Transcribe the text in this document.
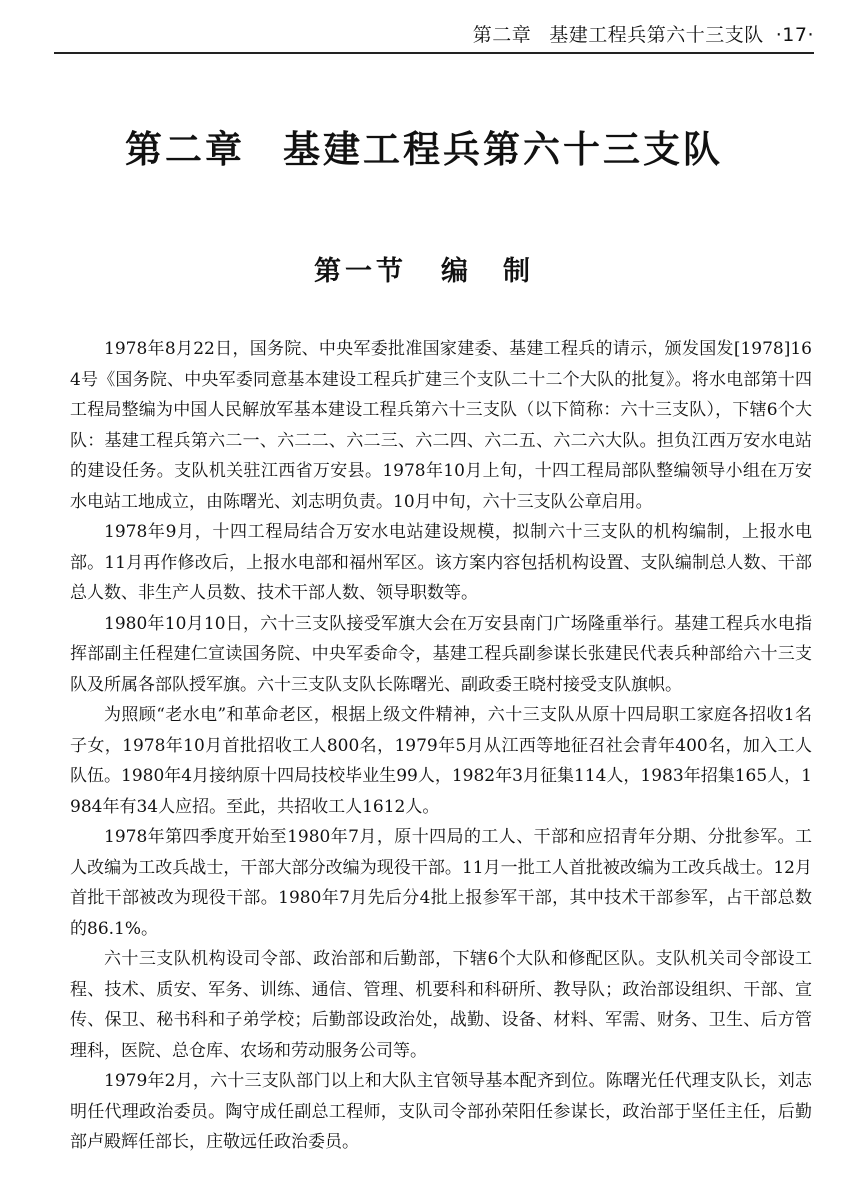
第二章 基建工程兵第六十三支队 ·17·
第二章 基建工程兵第六十三支队
第一节 编　制

1978年8月22日，国务院、中央军委批准国家建委、基建工程兵的请示，颁发国发[1978]164号《国务院、中央军委同意基本建设工程兵扩建三个支队二十二个大队的批复》。将水电部第十四工程局整编为中国人民解放军基本建设工程兵第六十三支队（以下简称：六十三支队），下辖6个大队：基建工程兵第六二一、六二二、六二三、六二四、六二五、六二六大队。担负江西万安水电站的建设任务。支队机关驻江西省万安县。1978年10月上旬，十四工程局部队整编领导小组在万安水电站工地成立，由陈曙光、刘志明负责。10月中旬，六十三支队公章启用。

1978年9月，十四工程局结合万安水电站建设规模，拟制六十三支队的机构编制，上报水电部。11月再作修改后，上报水电部和福州军区。该方案内容包括机构设置、支队编制总人数、干部总人数、非生产人员数、技术干部人数、领导职数等。

1980年10月10日，六十三支队接受军旗大会在万安县南门广场隆重举行。基建工程兵水电指挥部副主任程建仁宣读国务院、中央军委命令，基建工程兵副参谋长张建民代表兵种部给六十三支队及所属各部队授军旗。六十三支队支队长陈曙光、副政委王晓村接受支队旗帜。

为照顾“老水电”和革命老区，根据上级文件精神，六十三支队从原十四局职工家庭各招收1名子女，1978年10月首批招收工人800名，1979年5月从江西等地征召社会青年400名，加入工人队伍。1980年4月接纳原十四局技校毕业生99人，1982年3月征集114人，1983年招集165人，1984年有34人应招。至此，共招收工人1612人。

1978年第四季度开始至1980年7月，原十四局的工人、干部和应招青年分期、分批参军。工人改编为工改兵战士，干部大部分改编为现役干部。11月一批工人首批被改编为工改兵战士。12月首批干部被改为现役干部。1980年7月先后分4批上报参军干部，其中技术干部参军，占干部总数的86.1%。

六十三支队机构设司令部、政治部和后勤部，下辖6个大队和修配区队。支队机关司令部设工程、技术、质安、军务、训练、通信、管理、机要科和科研所、教导队；政治部设组织、干部、宣传、保卫、秘书科和子弟学校；后勤部设政治处，战勤、设备、材料、军需、财务、卫生、后方管理科，医院、总仓库、农场和劳动服务公司等。

1979年2月，六十三支队部门以上和大队主官领导基本配齐到位。陈曙光任代理支队长，刘志明任代理政治委员。陶守成任副总工程师，支队司令部孙荣阳任参谋长，政治部于坚任主任，后勤部卢殿辉任部长，庄敬远任政治委员。
